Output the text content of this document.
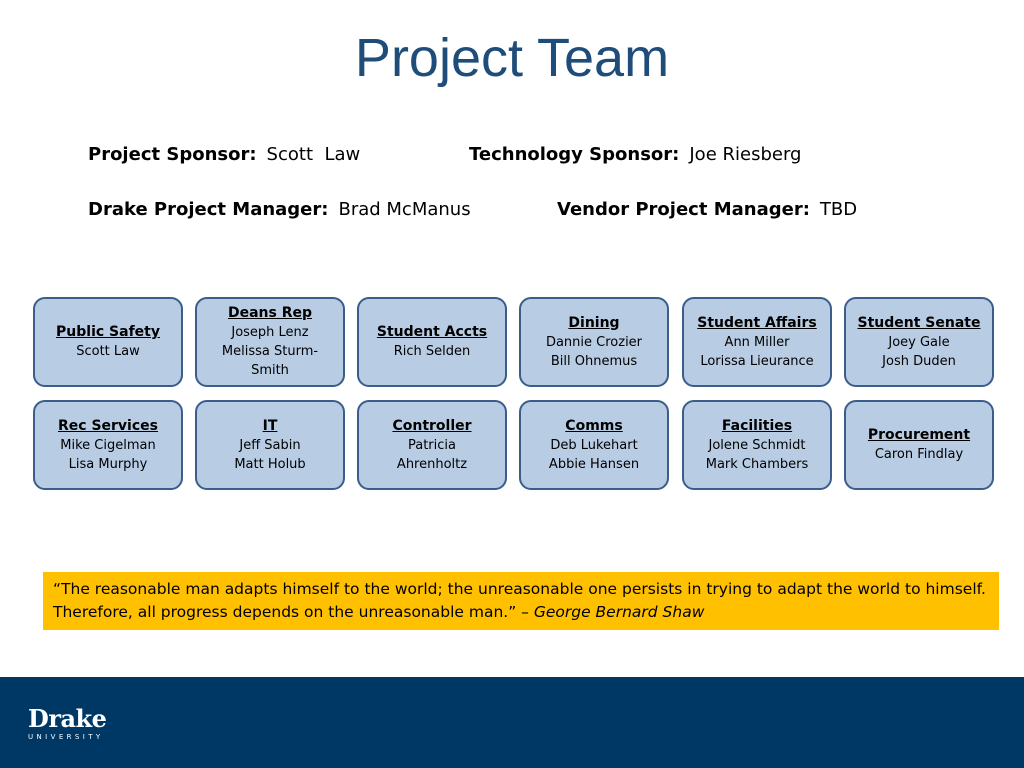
Project Team
Project Sponsor: Scott  Law	Technology Sponsor: Joe Riesberg
Drake Project Manager: Brad McManus	Vendor Project Manager: TBD
Public Safety
Scott Law
Deans Rep
Joseph Lenz
Melissa Sturm-
Smith
Student Accts
Rich Selden
Dining
Dannie Crozier
Bill Ohnemus
Student Affairs
Ann Miller
Lorissa Lieurance
Student Senate
Joey Gale
Josh Duden
Rec Services
Mike Cigelman
Lisa Murphy
IT
Jeff Sabin
Matt Holub
Controller
Patricia
Ahrenholtz
Comms
Deb Lukehart
Abbie Hansen
Facilities
Jolene Schmidt
Mark Chambers
Procurement
Caron Findlay
“The reasonable man adapts himself to the world; the unreasonable one persists in trying to adapt the world to himself. Therefore, all progress depends on the unreasonable man.” – George Bernard Shaw
Drake
UNIVERSITY
